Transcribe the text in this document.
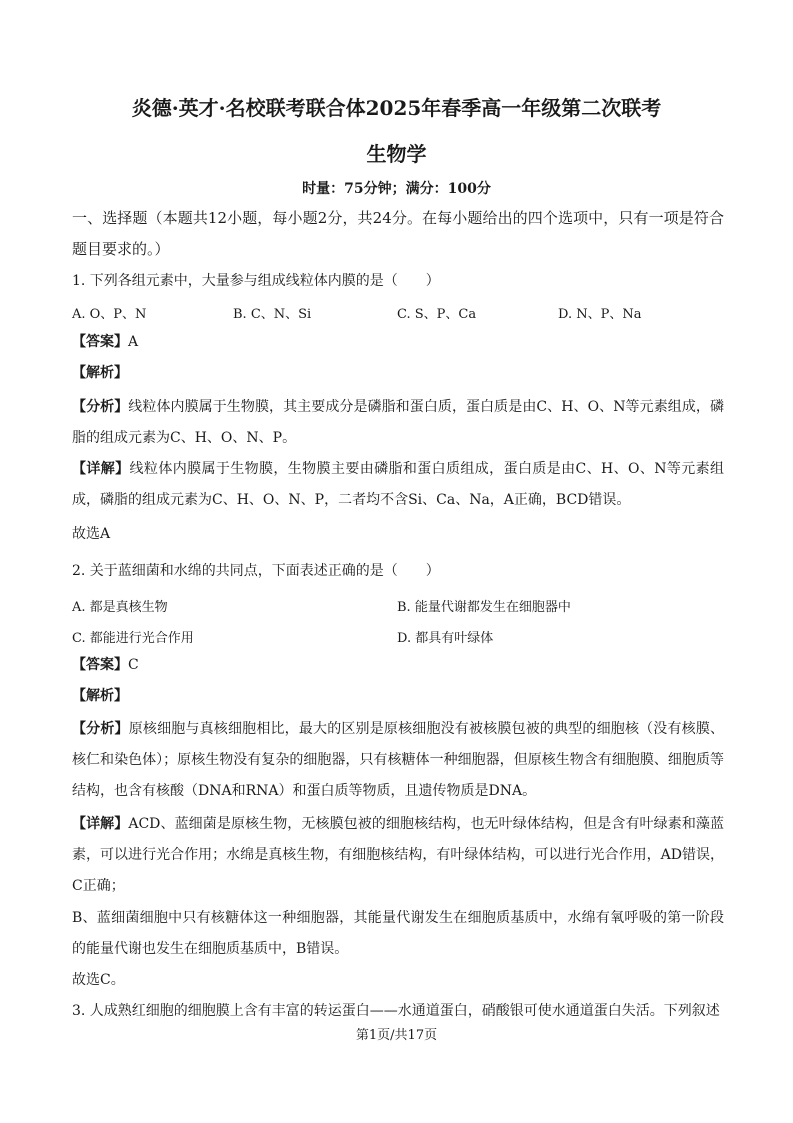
炎德·英才·名校联考联合体2025年春季高一年级第二次联考
生物学
时量：75分钟；满分：100分
一、选择题（本题共12小题，每小题2分，共24分。在每小题给出的四个选项中，只有一项是符合题目要求的。）
1. 下列各组元素中，大量参与组成线粒体内膜的是（　　）
A. O、P、N	B. C、N、Si	C. S、P、Ca	D. N、P、Na
【答案】A
【解析】
【分析】线粒体内膜属于生物膜，其主要成分是磷脂和蛋白质，蛋白质是由C、H、O、N等元素组成，磷脂的组成元素为C、H、O、N、P。
【详解】线粒体内膜属于生物膜，生物膜主要由磷脂和蛋白质组成，蛋白质是由C、H、O、N等元素组成，磷脂的组成元素为C、H、O、N、P，二者均不含Si、Ca、Na，A正确，BCD错误。
故选A
2. 关于蓝细菌和水绵的共同点，下面表述正确的是（　　）
A. 都是真核生物	B. 能量代谢都发生在细胞器中
C. 都能进行光合作用	D. 都具有叶绿体
【答案】C
【解析】
【分析】原核细胞与真核细胞相比，最大的区别是原核细胞没有被核膜包被的典型的细胞核（没有核膜、核仁和染色体）；原核生物没有复杂的细胞器，只有核糖体一种细胞器，但原核生物含有细胞膜、细胞质等结构，也含有核酸（DNA和RNA）和蛋白质等物质，且遗传物质是DNA。
【详解】ACD、蓝细菌是原核生物，无核膜包被的细胞核结构，也无叶绿体结构，但是含有叶绿素和藻蓝素，可以进行光合作用；水绵是真核生物，有细胞核结构，有叶绿体结构，可以进行光合作用，AD错误，C正确；
B、蓝细菌细胞中只有核糖体这一种细胞器，其能量代谢发生在细胞质基质中，水绵有氧呼吸的第一阶段的能量代谢也发生在细胞质基质中，B错误。
故选C。
3. 人成熟红细胞的细胞膜上含有丰富的转运蛋白——水通道蛋白，硝酸银可使水通道蛋白失活。下列叙述
第1页/共17页
